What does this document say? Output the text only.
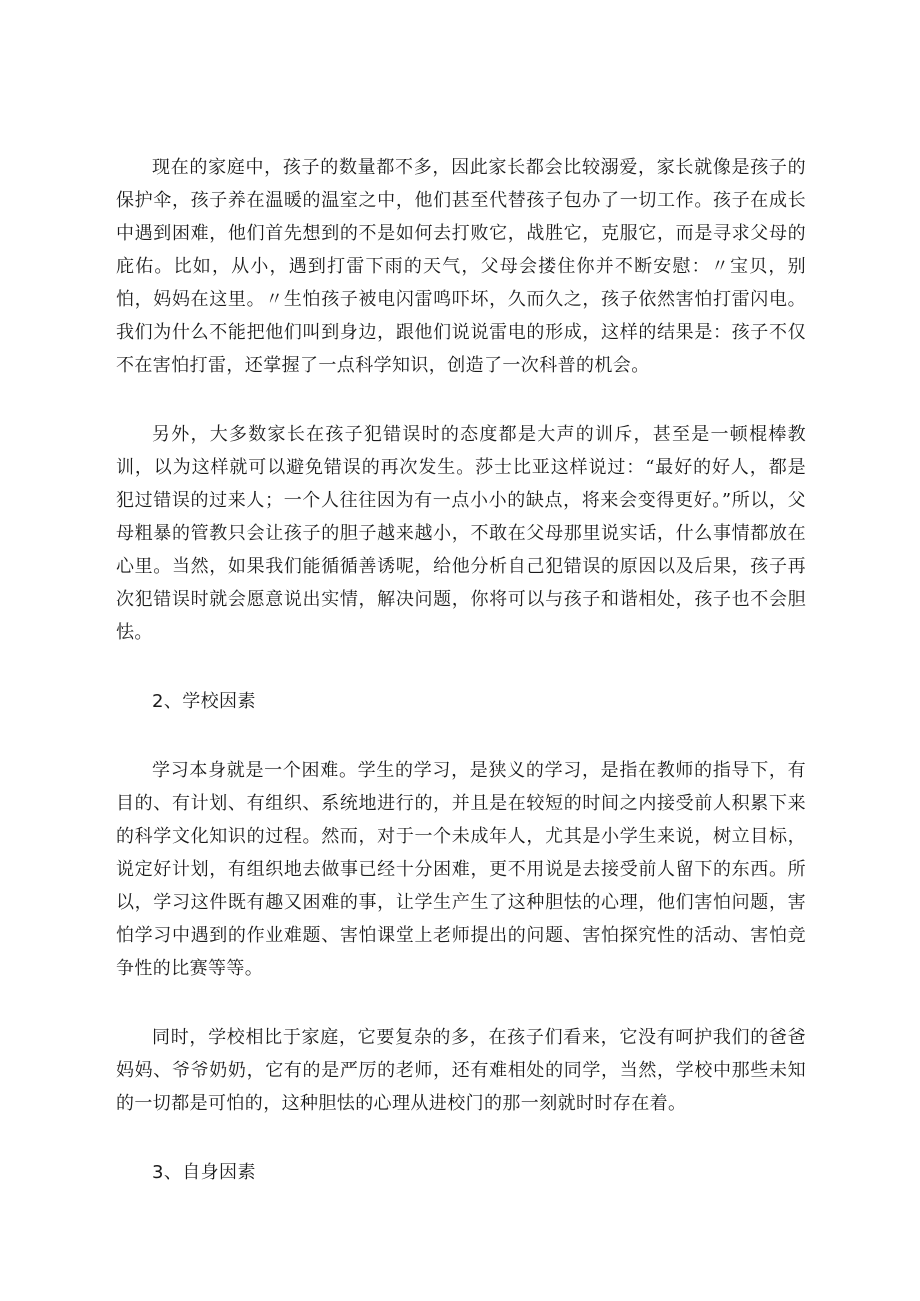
现在的家庭中，孩子的数量都不多，因此家长都会比较溺爱，家长就像是孩子的保护伞，孩子养在温暖的温室之中，他们甚至代替孩子包办了一切工作。孩子在成长中遇到困难，他们首先想到的不是如何去打败它，战胜它，克服它，而是寻求父母的庇佑。比如，从小，遇到打雷下雨的天气，父母会搂住你并不断安慰：〃宝贝，别怕，妈妈在这里。〃生怕孩子被电闪雷鸣吓坏，久而久之，孩子依然害怕打雷闪电。我们为什么不能把他们叫到身边，跟他们说说雷电的形成，这样的结果是：孩子不仅不在害怕打雷，还掌握了一点科学知识，创造了一次科普的机会。

另外，大多数家长在孩子犯错误时的态度都是大声的训斥，甚至是一顿棍棒教训，以为这样就可以避免错误的再次发生。莎士比亚这样说过：“最好的好人，都是犯过错误的过来人；一个人往往因为有一点小小的缺点，将来会变得更好。”所以，父母粗暴的管教只会让孩子的胆子越来越小，不敢在父母那里说实话，什么事情都放在心里。当然，如果我们能循循善诱呢，给他分析自己犯错误的原因以及后果，孩子再次犯错误时就会愿意说出实情，解决问题，你将可以与孩子和谐相处，孩子也不会胆怯。

2、学校因素

学习本身就是一个困难。学生的学习，是狭义的学习，是指在教师的指导下，有目的、有计划、有组织、系统地进行的，并且是在较短的时间之内接受前人积累下来的科学文化知识的过程。然而，对于一个未成年人，尤其是小学生来说，树立目标，说定好计划，有组织地去做事已经十分困难，更不用说是去接受前人留下的东西。所以，学习这件既有趣又困难的事，让学生产生了这种胆怯的心理，他们害怕问题，害怕学习中遇到的作业难题、害怕课堂上老师提出的问题、害怕探究性的活动、害怕竞争性的比赛等等。

同时，学校相比于家庭，它要复杂的多，在孩子们看来，它没有呵护我们的爸爸妈妈、爷爷奶奶，它有的是严厉的老师，还有难相处的同学，当然，学校中那些未知的一切都是可怕的，这种胆怯的心理从进校门的那一刻就时时存在着。

3、自身因素
